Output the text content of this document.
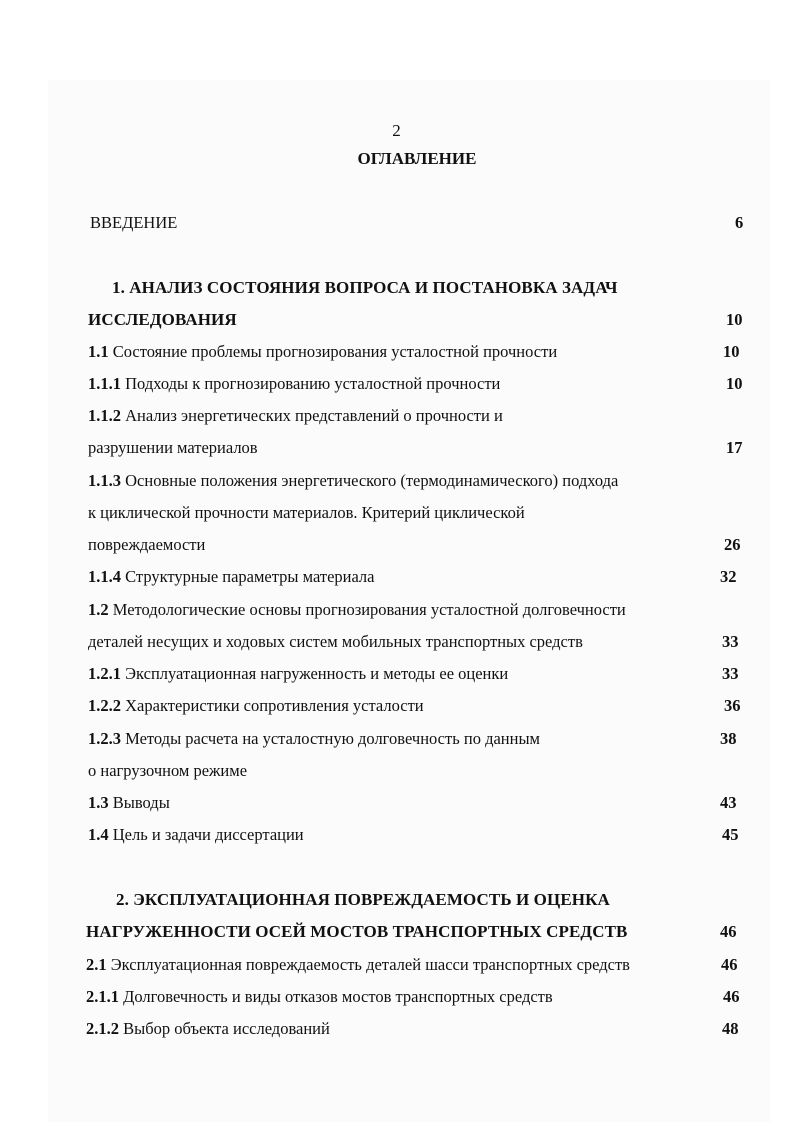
2
ОГЛАВЛЕНИЕ
ВВЕДЕНИЕ	6
1. АНАЛИЗ СОСТОЯНИЯ ВОПРОСА И ПОСТАНОВКА ЗАДАЧ
ИССЛЕДОВАНИЯ	10
1.1 Состояние проблемы прогнозирования усталостной прочности	10
1.1.1 Подходы к прогнозированию усталостной прочности	10
1.1.2 Анализ энергетических представлений о прочности и
разрушении материалов	17
1.1.3 Основные положения энергетического (термодинамического) подхода
к циклической прочности материалов. Критерий циклической
повреждаемости	26
1.1.4 Структурные параметры материала	32
1.2 Методологические основы прогнозирования усталостной долговечности
деталей несущих и ходовых систем мобильных транспортных средств	33
1.2.1 Эксплуатационная нагруженность и методы ее оценки	33
1.2.2 Характеристики сопротивления усталости	36
1.2.3 Методы расчета на усталостную долговечность по данным	38
о нагрузочном режиме
1.3 Выводы	43
1.4 Цель и задачи диссертации	45
2. ЭКСПЛУАТАЦИОННАЯ ПОВРЕЖДАЕМОСТЬ И ОЦЕНКА
НАГРУЖЕННОСТИ ОСЕЙ МОСТОВ ТРАНСПОРТНЫХ СРЕДСТВ	46
2.1 Эксплуатационная повреждаемость деталей шасси транспортных средств	46
2.1.1 Долговечность и виды отказов мостов транспортных средств	46
2.1.2 Выбор объекта исследований	48
